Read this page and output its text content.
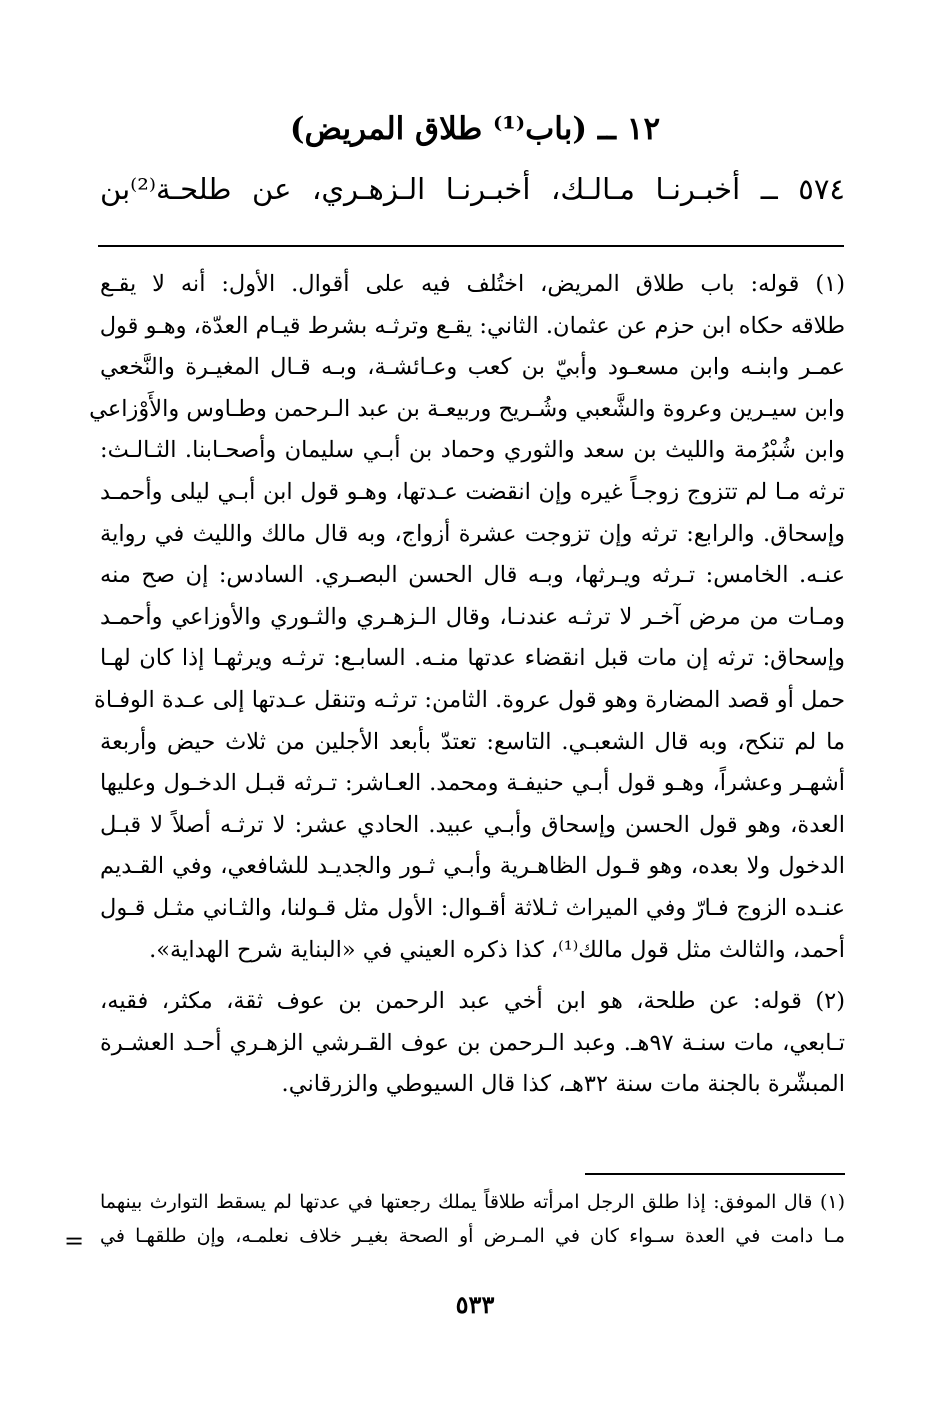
١٢ ــ (باب⁽¹⁾ طلاق المريض)
٥٧٤ ــ أخبـرنـا مـالـك، أخبـرنـا الـزهـري، عن طلحـة⁽²⁾بن
(١) قوله: باب طلاق المريض، اختُلف فيه على أقوال. الأول: أنه لا يقـع
طلاقه حكاه ابن حزم عن عثمان. الثاني: يقـع وترثـه بشرط قيـام العدّة، وهـو قول
عمـر وابنـه وابن مسعـود وأبيّ بن كعب وعـائشـة، وبـه قـال المغيـرة والنَّخعي
وابن سيـرين وعروة والشَّعبي وشُـريح وربيعـة بن عبد الـرحمن وطـاوس والأَوْزاعي
وابن شُبْرُمة والليث بن سعد والثوري وحماد بن أبـي سليمان وأصحـابنا. الثـالـث:
ترثه مـا لم تتزوج زوجـاً غيره وإن انقضت عـدتها، وهـو قول ابن أبـي ليلى وأحمـد
وإسحاق. والرابع: ترثه وإن تزوجت عشرة أزواج، وبه قال مالك والليث في رواية
عنـه. الخامس: تـرثه ويـرثها، وبـه قال الحسن البصـري. السادس: إن صح منه
ومـات من مرض آخـر لا ترثـه عندنـا، وقال الـزهـري والثـوري والأوزاعي وأحمـد
وإسحاق: ترثه إن مات قبل انقضاء عدتها منـه. السابـع: ترثـه ويرثهـا إذا كان لهـا
حمل أو قصد المضارة وهو قول عروة. الثامن: ترثـه وتنقل عـدتها إلى عـدة الوفـاة
ما لم تنكح، وبه قال الشعبـي. التاسع: تعتدّ بأبعد الأجلين من ثلاث حيض وأربعة
أشهـر وعشراً، وهـو قول أبـي حنيفـة ومحمد. العـاشر: تـرثه قبـل الدخـول وعليها
العدة، وهو قول الحسن وإسحاق وأبـي عبيد. الحادي عشر: لا ترثـه أصلاً لا قبـل
الدخول ولا بعده، وهو قـول الظاهـرية وأبـي ثـور والجديـد للشافعي، وفي القـديم
عنـده الزوج فـارّ وفي الميراث ثـلاثة أقـوال: الأول مثل قـولنا، والثـاني مثـل قـول
أحمد، والثالث مثل قول مالك⁽¹⁾، كذا ذكره العيني في «البناية شرح الهداية».
(٢) قوله: عن طلحة، هو ابن أخي عبد الرحمن بن عوف ثقة، مكثر، فقيه،
تـابعي، مات سنـة ٩٧هـ. وعبد الـرحمن بن عوف القـرشي الزهـري أحـد العشـرة
المبشّرة بالجنة مات سنة ٣٢هـ، كذا قال السيوطي والزرقاني.
(١) قال الموفق: إذا طلق الرجل امرأته طلاقاً يملك رجعتها في عدتها لم يسقط التوارث بينهما
مـا دامت في العدة سـواء كان في المـرض أو الصحة بغيـر خلاف نعلمـه، وإن طلقهـا في
=
٥٣٣
